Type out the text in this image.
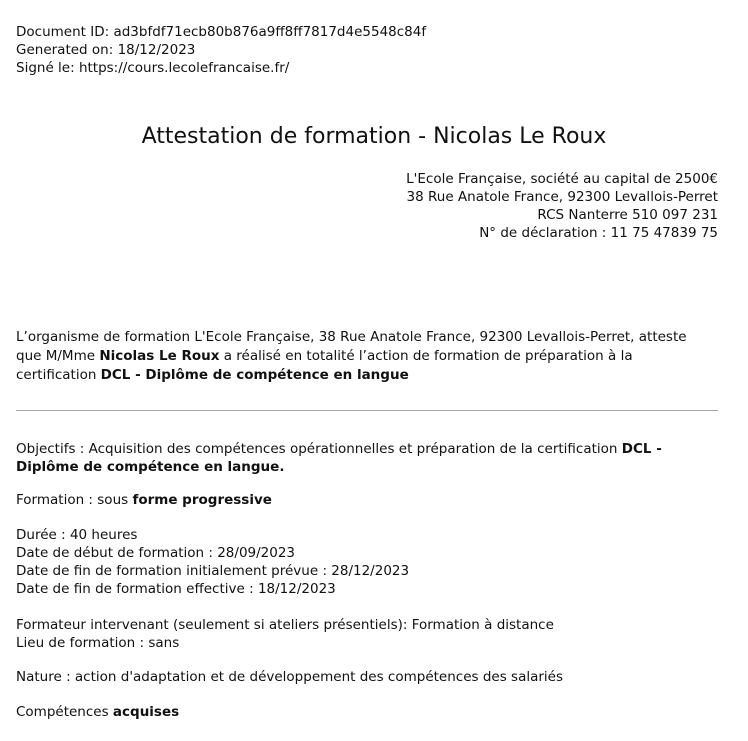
Document ID: ad3bfdf71ecb80b876a9ff8ff7817d4e5548c84f
Generated on: 18/12/2023
Signé le: https://cours.lecolefrancaise.fr/
Attestation de formation - Nicolas Le Roux
L'Ecole Française, société au capital de 2500€
38 Rue Anatole France, 92300 Levallois-Perret
RCS Nanterre 510 097 231
N° de déclaration : 11 75 47839 75
L’organisme de formation L'Ecole Française, 38 Rue Anatole France, 92300 Levallois-Perret, atteste que M/Mme Nicolas Le Roux a réalisé en totalité l’action de formation de préparation à la certification DCL - Diplôme de compétence en langue
Objectifs : Acquisition des compétences opérationnelles et préparation de la certification DCL - Diplôme de compétence en langue.
Formation : sous forme progressive
Durée : 40 heures
Date de début de formation : 28/09/2023
Date de fin de formation initialement prévue : 28/12/2023
Date de fin de formation effective : 18/12/2023
Formateur intervenant (seulement si ateliers présentiels): Formation à distance
Lieu de formation : sans
Nature : action d'adaptation et de développement des compétences des salariés
Compétences acquises
